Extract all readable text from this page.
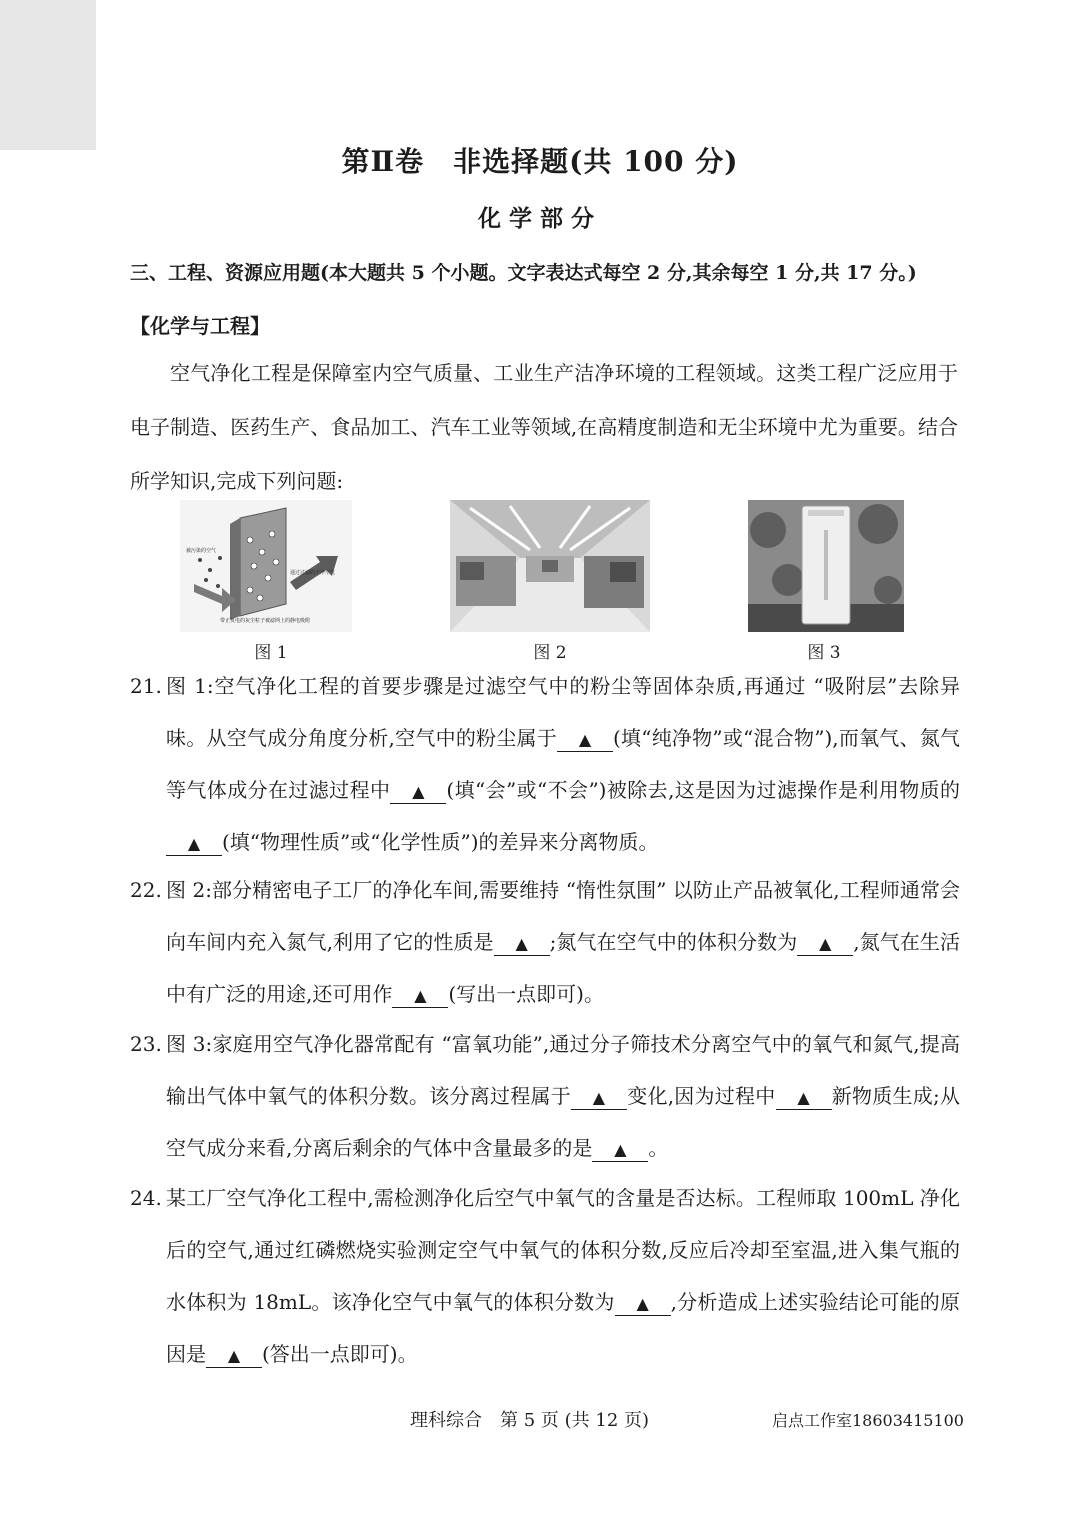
第Ⅱ卷　非选择题(共 100 分)
化学部分
三、工程、资源应用题(本大题共 5 个小题。文字表达式每空 2 分,其余每空 1 分,共 17 分。)
【化学与工程】
空气净化工程是保障室内空气质量、工业生产洁净环境的工程领域。这类工程广泛应用于电子制造、医药生产、食品加工、汽车工业等领域,在高精度制造和无尘环境中尤为重要。结合所学知识,完成下列问题:
被污染的空气
通过过滤的干净空气
带正负电的灰尘粒子被滤网上的静电吸附
图 1	图 2	图 3
21. 图 1:空气净化工程的首要步骤是过滤空气中的粉尘等固体杂质,再通过 “吸附层”去除异味。从空气成分角度分析,空气中的粉尘属于 ▲ (填“纯净物”或“混合物”),而氧气、氮气等气体成分在过滤过程中 ▲ (填“会”或“不会”)被除去,这是因为过滤操作是利用物质的▲ (填“物理性质”或“化学性质”)的差异来分离物质。
22. 图 2:部分精密电子工厂的净化车间,需要维持 “惰性氛围” 以防止产品被氧化,工程师通常会向车间内充入氮气,利用了它的性质是 ▲ ;氮气在空气中的体积分数为 ▲ ,氮气在生活中有广泛的用途,还可用作 ▲ (写出一点即可)。
23. 图 3:家庭用空气净化器常配有 “富氧功能”,通过分子筛技术分离空气中的氧气和氮气,提高输出气体中氧气的体积分数。该分离过程属于 ▲ 变化,因为过程中 ▲ 新物质生成;从空气成分来看,分离后剩余的气体中含量最多的是 ▲ 。
24. 某工厂空气净化工程中,需检测净化后空气中氧气的含量是否达标。工程师取 100mL 净化后的空气,通过红磷燃烧实验测定空气中氧气的体积分数,反应后冷却至室温,进入集气瓶的水体积为 18mL。该净化空气中氧气的体积分数为 ▲ ,分析造成上述实验结论可能的原因是 ▲ (答出一点即可)。
理科综合　第 5 页 (共 12 页)	启点工作室18603415100
